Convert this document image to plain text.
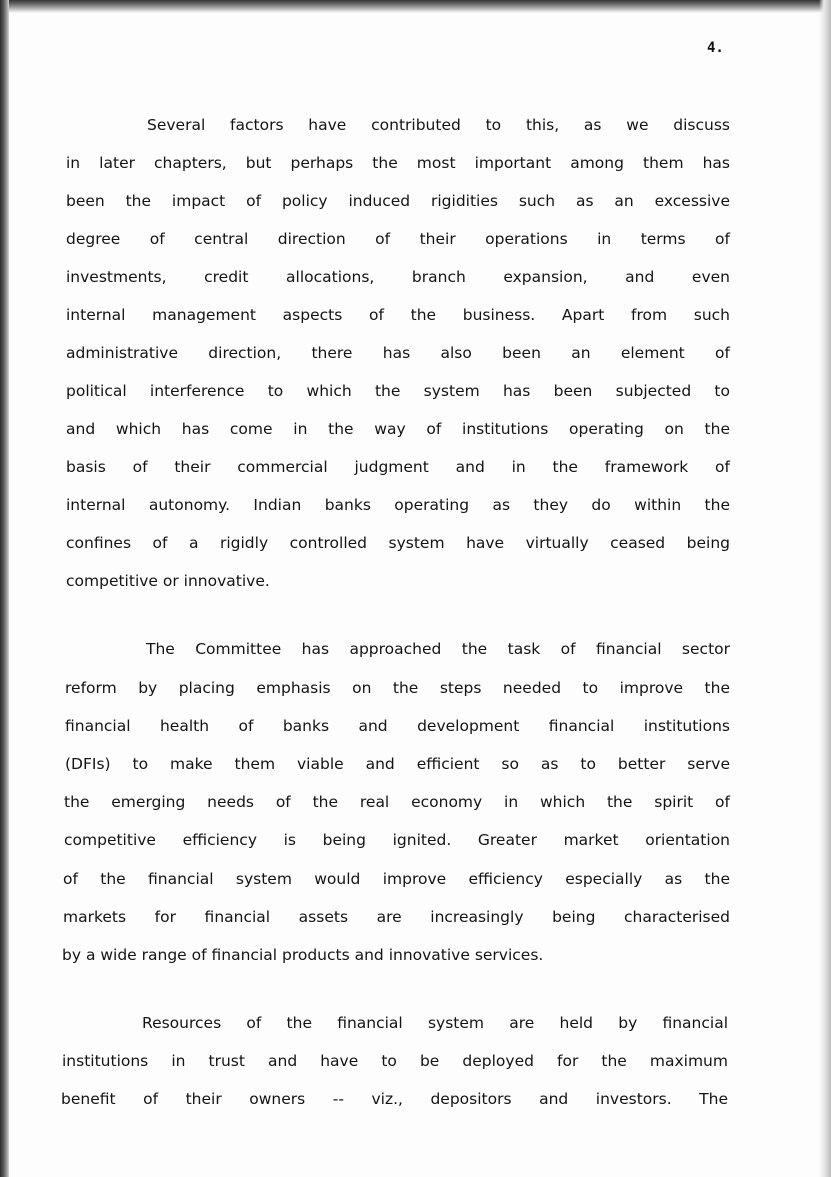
4.
Several factors have contributed to this, as we discuss
in later chapters, but perhaps the most important among them has
been the impact of policy induced rigidities such as an excessive
degree of central direction of their operations in terms of
investments, credit allocations, branch expansion, and even
internal management aspects of the business. Apart from such
administrative direction, there has also been an element of
political interference to which the system has been subjected to
and which has come in the way of institutions operating on the
basis of their commercial judgment and in the framework of
internal autonomy. Indian banks operating as they do within the
confines of a rigidly controlled system have virtually ceased being
competitive or innovative.
The Committee has approached the task of financial sector
reform by placing emphasis on the steps needed to improve the
financial health of banks and development financial institutions
(DFIs) to make them viable and efficient so as to better serve
the emerging needs of the real economy in which the spirit of
competitive efficiency is being ignited. Greater market orientation
of the financial system would improve efficiency especially as the
markets for financial assets are increasingly being characterised
by a wide range of financial products and innovative services.
Resources of the financial system are held by financial
institutions in trust and have to be deployed for the maximum
benefit of their owners -- viz., depositors and investors. The
